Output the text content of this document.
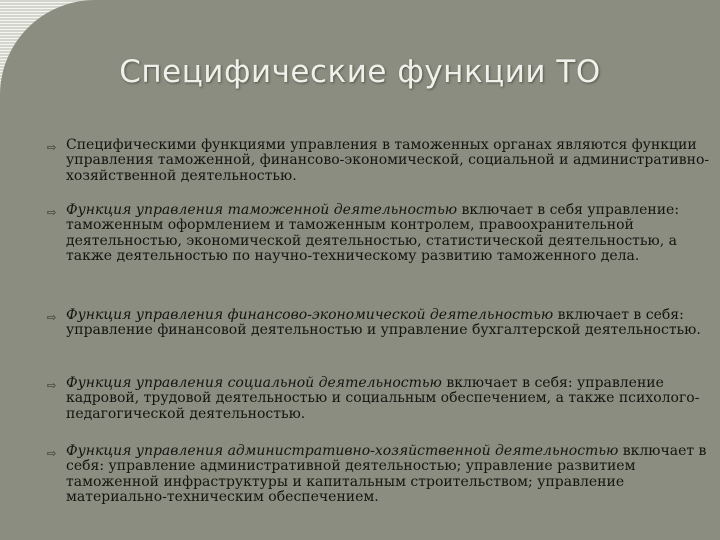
Специфические функции ТО
⇨ Специфическими функциями управления в таможенных органах являются функции управления таможенной, финансово-экономической, социальной и административно-хозяйственной деятельностью.
⇨ Функция управления таможенной деятельностью включает в себя управление: таможенным оформлением и таможенным контролем, правоохранительной деятельностью, экономической деятельностью, статистической деятельностью, а также деятельностью по научно-техническому развитию таможенного дела.
⇨ Функция управления финансово-экономической деятельностью включает в себя: управление финансовой деятельностью и управление бухгалтерской деятельностью.
⇨ Функция управления социальной деятельностью включает в себя: управление кадровой, трудовой деятельностью и социальным обеспечением, а также психолого-педагогической деятельностью.
⇨ Функция управления административно-хозяйственной деятельностью включает в себя: управление административной деятельностью; управление развитием таможенной инфраструктуры и капитальным строительством; управление материально-техническим обеспечением.
